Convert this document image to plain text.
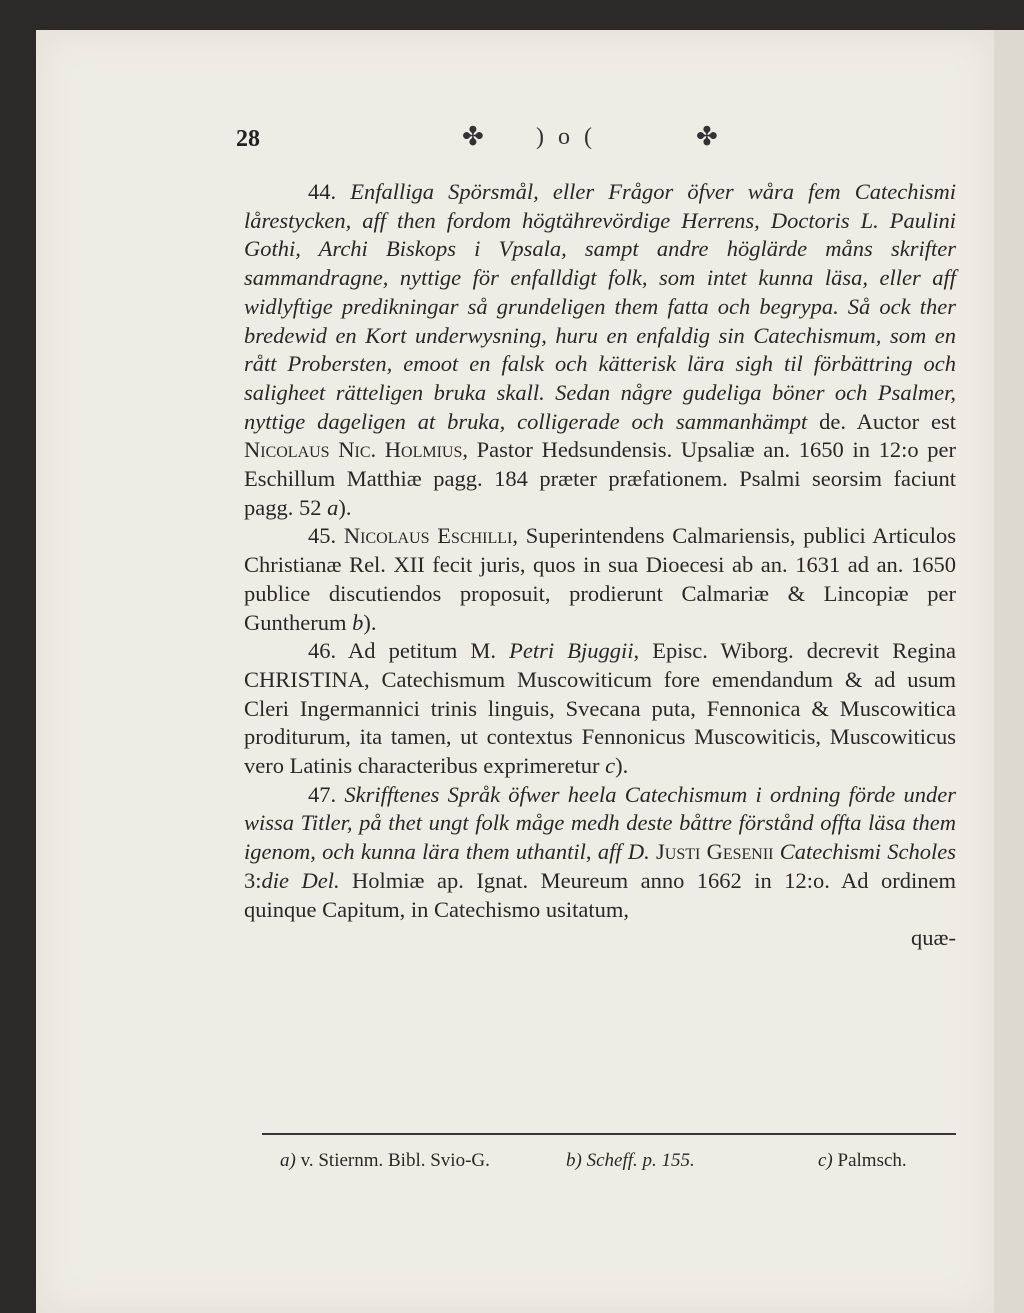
28	✤ )o(	✤

44. Enfalliga Spörsmål, eller Frågor öfver wåra fem Catechismi lårestycken, aff then fordom högtährevördige Herrens, Doctoris L. Paulini Gothi, Archi Biskops i Vpsala, sampt andre höglärde måns skrifter sammandragne, nyttige för enfalldigt folk, som intet kunna läsa, eller aff widlyftige predikningar så grundeligen them fatta och begrypa. Så ock ther bredewid en Kort underwysning, huru en enfaldig sin Catechismum, som en rått Probersten, emoot en falsk och kätterisk lära sigh til förbättring och saligheet rätteligen bruka skall. Sedan någre gudeliga böner och Psalmer, nyttige dageligen at bruka, colligerade och sammanhämpt de. Auctor est Nicolaus Nic. Holmius, Pastor Hedsundensis. Upsaliæ an. 1650 in 12:o per Eschillum Matthiæ pagg. 184 præter præfationem. Psalmi seorsim faciunt pagg. 52 a).

45. Nicolaus Eschilli, Superintendens Calmariensis, publici Articulos Christianæ Rel. XII fecit juris, quos in sua Dioecesi ab an. 1631 ad an. 1650 publice discutiendos proposuit, prodierunt Calmariæ & Lincopiæ per Guntherum b).

46. Ad petitum M. Petri Bjuggii, Episc. Wiborg. decrevit Regina CHRISTINA, Catechismum Muscowiticum fore emendandum & ad usum Cleri Ingermannici trinis linguis, Svecana puta, Fennonica & Muscowitica proditurum, ita tamen, ut contextus Fennonicus Muscowiticis, Muscowiticus vero Latinis characteribus exprimeretur c).

47. Skrifftenes Språk öfwer heela Catechismum i ordning förde under wissa Titler, på thet ungt folk måge medh deste båttre förstånd offta läsa them igenom, och kunna lära them uthantil, aff D. Justi Gesenii Catechismi Scholes 3:die Del. Holmiæ ap. Ignat. Meureum anno 1662 in 12:o. Ad ordinem quinque Capitum, in Catechismo usitatum,

quæ-

a) v. Stiernm. Bibl. Svio-G.	b) Scheff. p. 155.	c) Palmsch.
